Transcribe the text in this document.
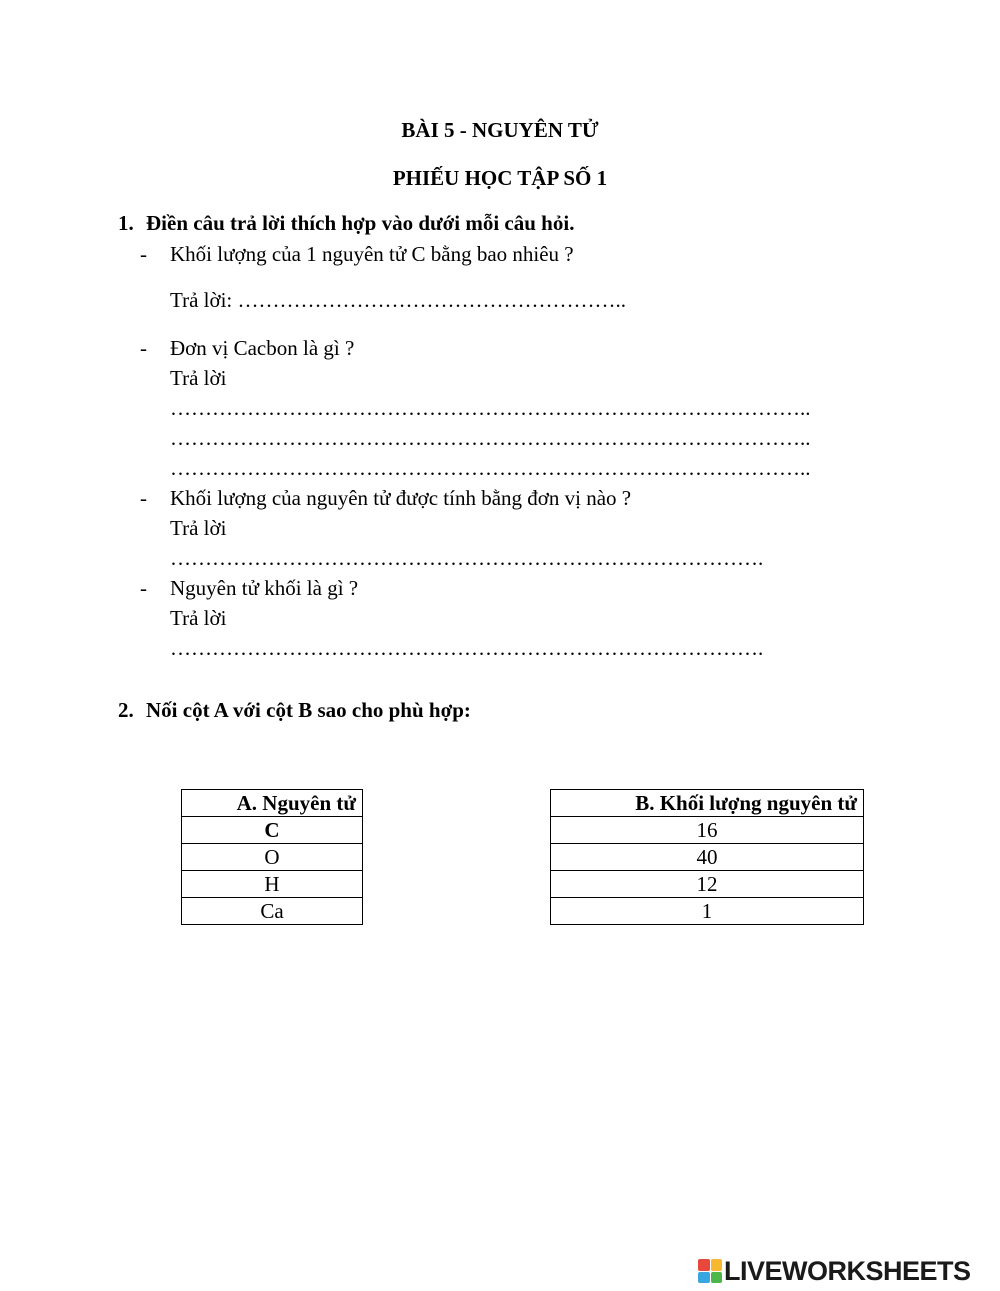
BÀI 5 - NGUYÊN TỬ
PHIẾU HỌC TẬP SỐ 1
1. Điền câu trả lời thích hợp vào dưới mỗi câu hỏi.
- Khối lượng của 1 nguyên tử C bằng bao nhiêu ?
Trả lời: ………………………………………………..
- Đơn vị Cacbon là gì ?
Trả lời
………………………………………………………………………………..
………………………………………………………………………………..
………………………………………………………………………………..
- Khối lượng của nguyên tử được tính bằng đơn vị nào ?
Trả lời
………………………………………………………………………….
- Nguyên tử khối là gì ?
Trả lời
………………………………………………………………………….
2. Nối cột A với cột B sao cho phù hợp:
A. Nguyên tử
C
O
H
Ca
B. Khối lượng nguyên tử
16
40
12
1
LIVEWORKSHEETS
